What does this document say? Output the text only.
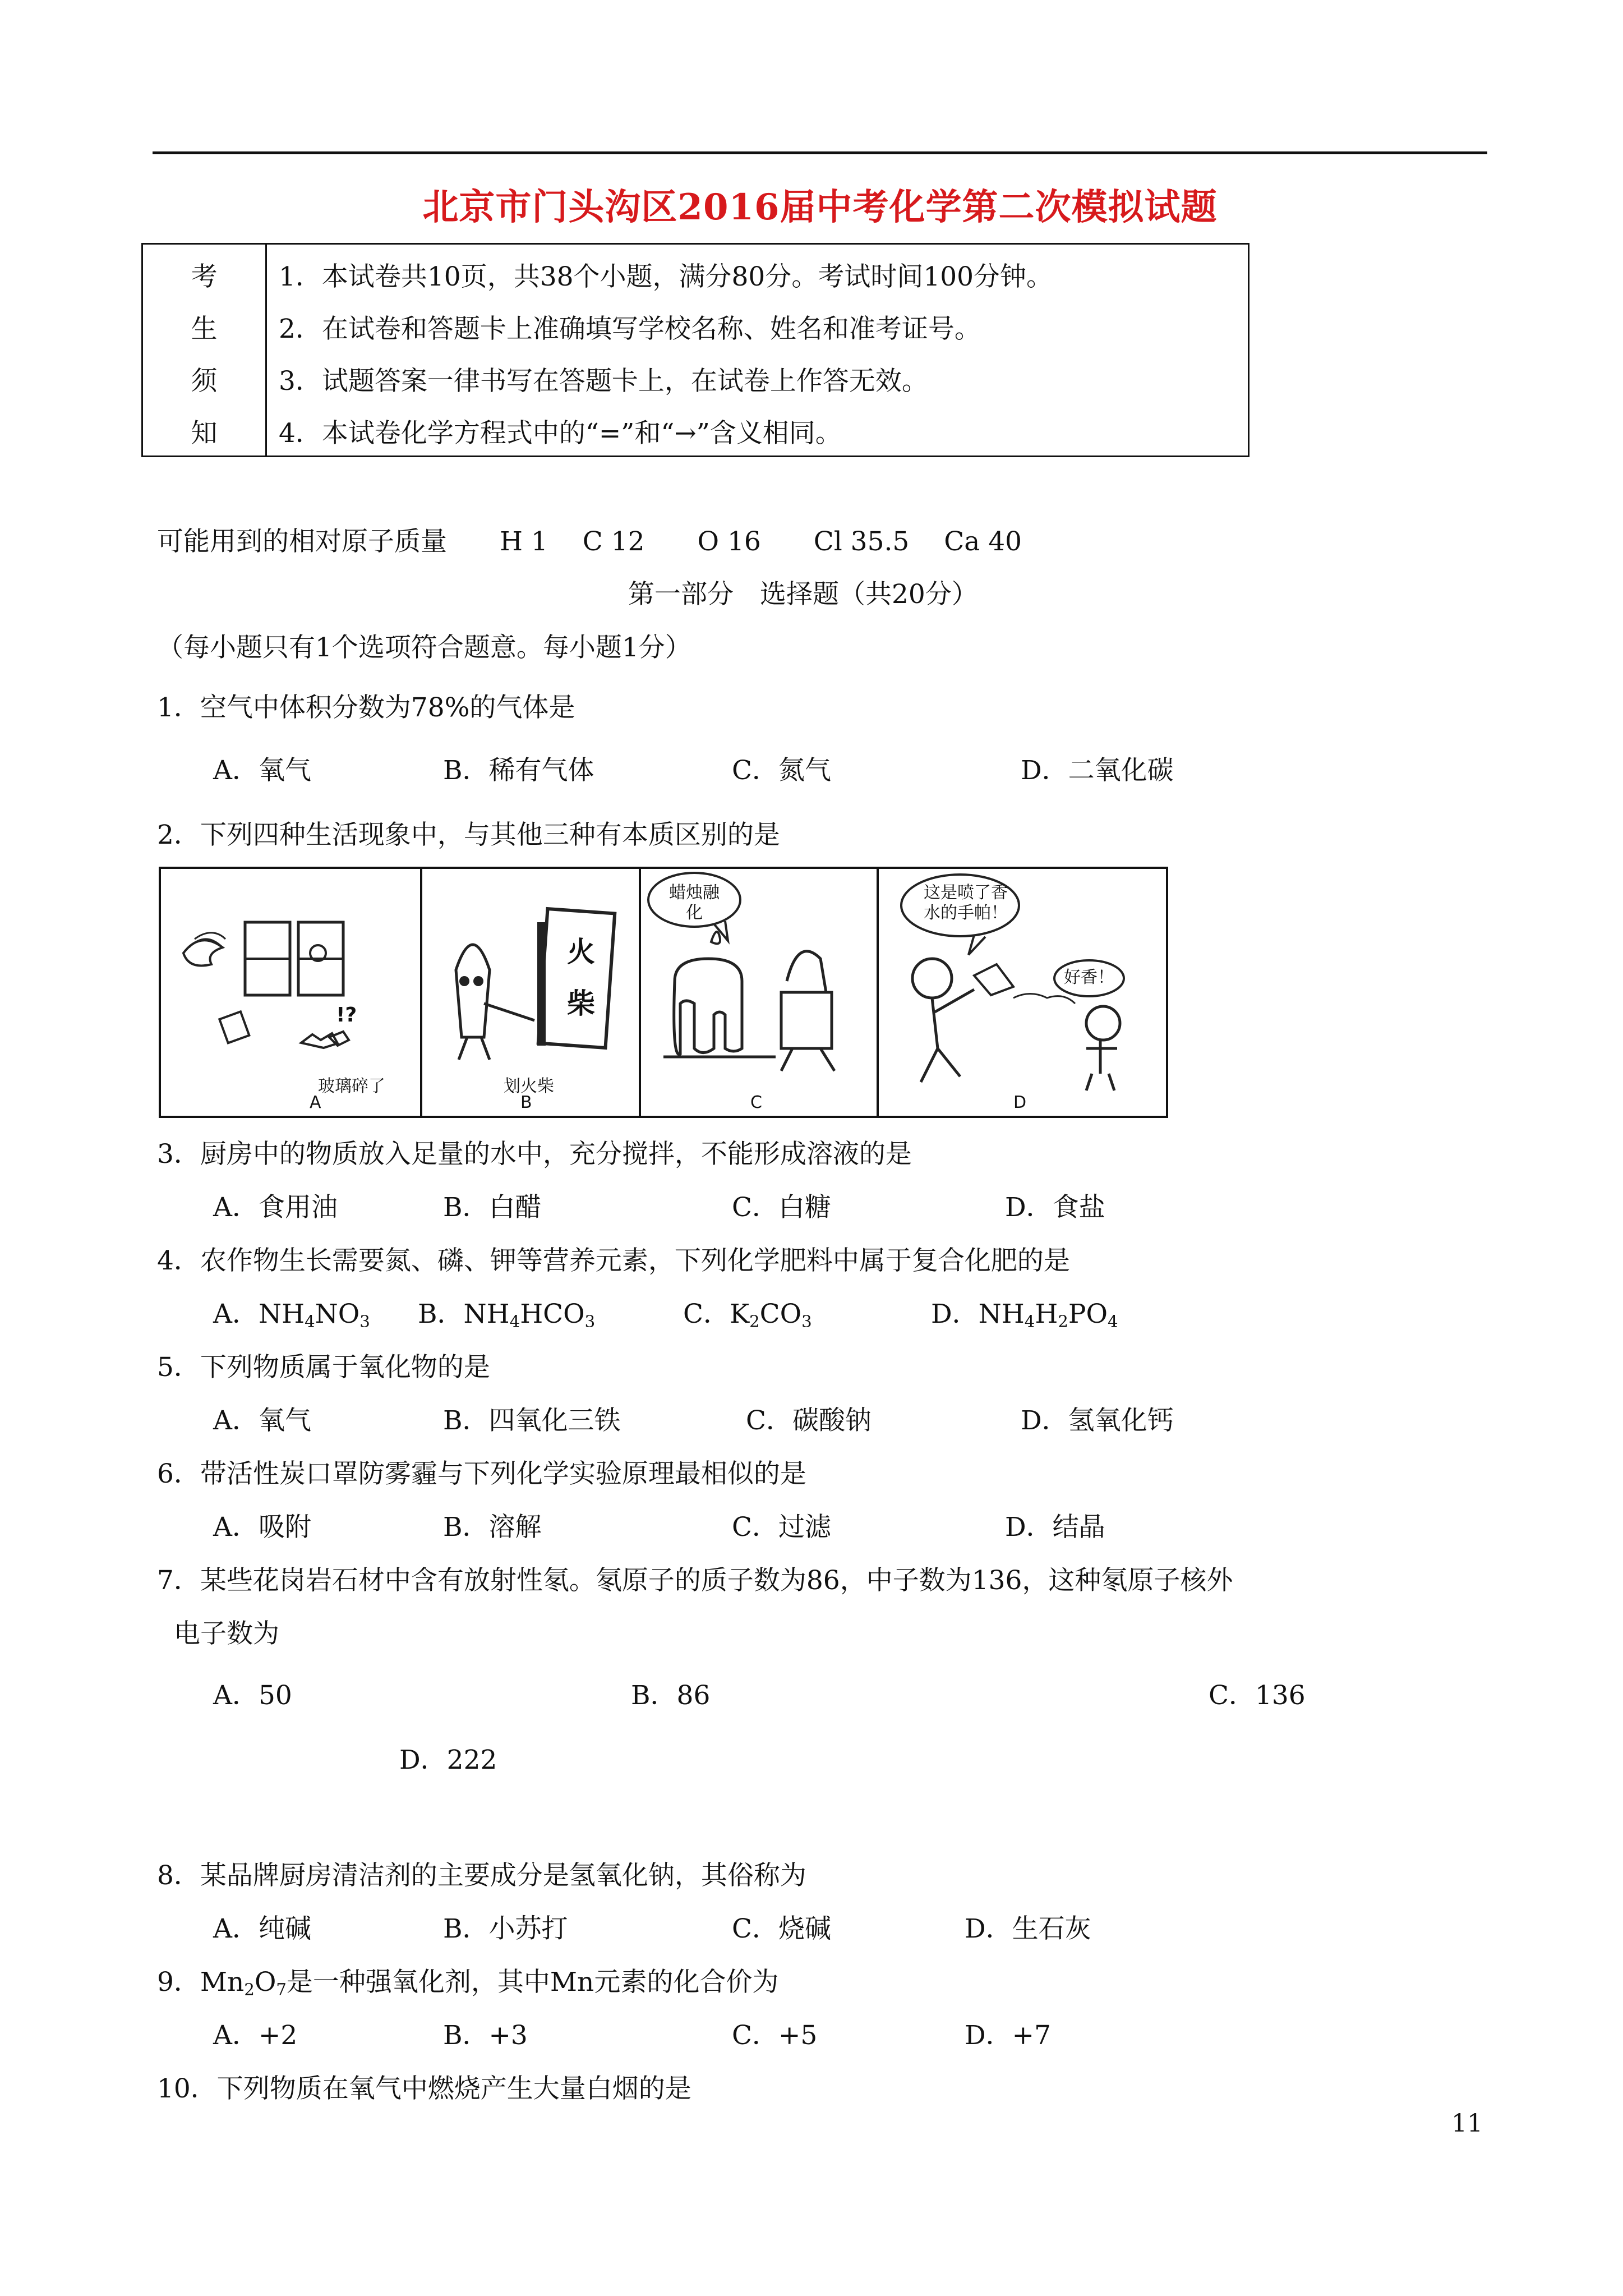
北京市门头沟区2016届中考化学第二次模拟试题
考
生
须
知
1．本试卷共10页，共38个小题，满分80分。考试时间100分钟。
2．在试卷和答题卡上准确填写学校名称、姓名和准考证号。
3．试题答案一律书写在答题卡上，在试卷上作答无效。
4．本试卷化学方程式中的“=”和“→”含义相同。
可能用到的相对原子质量　　H 1　 C 12　　O 16　　Cl 35.5　 Ca 40
第一部分　选择题（共20分）
（每小题只有1个选项符合题意。每小题1分）
1．空气中体积分数为78%的气体是
A．氧气	B．稀有气体	C．氮气	D．二氧化碳
2．下列四种生活现象中，与其他三种有本质区别的是
!?
玻璃碎了
A
火
柴
划火柴
B
蜡烛融
化
C
这是喷了香
水的手帕！
好香！
D
3．厨房中的物质放入足量的水中，充分搅拌，不能形成溶液的是
A．食用油	B．白醋	C．白糖	D．食盐
4．农作物生长需要氮、磷、钾等营养元素，下列化学肥料中属于复合化肥的是
A．$NH_4NO_3$ B．$NH_4HCO_3$	C．$K_2CO_3$	D．$NH_4H_2PO_4$
5．下列物质属于氧化物的是
A．氧气	B．四氧化三铁	C．碳酸钠	D．氢氧化钙
6．带活性炭口罩防雾霾与下列化学实验原理最相似的是
A．吸附	B．溶解	C．过滤	D．结晶
7．某些花岗岩石材中含有放射性氡。氡原子的质子数为86，中子数为136，这种氡原子核外
电子数为
A．50	B．86	C．136
D．222
8．某品牌厨房清洁剂的主要成分是氢氧化钠，其俗称为
A．纯碱	B．小苏打	C．烧碱	D．生石灰
9．$Mn_2O_7$是一种强氧化剂，其中Mn元素的化合价为
A．+2	B．+3	C．+5	D．+7
10．下列物质在氧气中燃烧产生大量白烟的是
11
